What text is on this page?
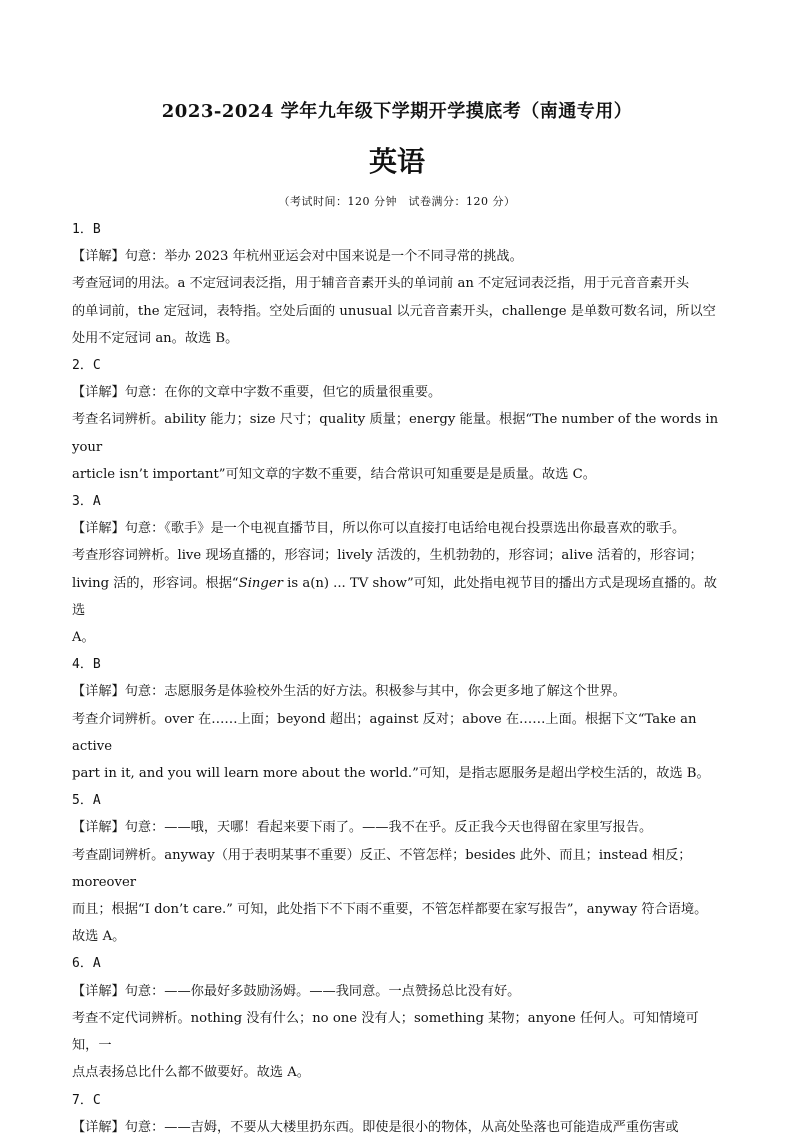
2023-2024 学年九年级下学期开学摸底考（南通专用）
英语
（考试时间：120 分钟　试卷满分：120 分）

1．B

【详解】句意：举办 2023 年杭州亚运会对中国来说是一个不同寻常的挑战。

考查冠词的用法。a 不定冠词表泛指，用于辅音音素开头的单词前 an 不定冠词表泛指，用于元音音素开头

的单词前，the 定冠词，表特指。空处后面的 unusual 以元音音素开头，challenge 是单数可数名词，所以空

处用不定冠词 an。故选 B。

2．C

【详解】句意：在你的文章中字数不重要，但它的质量很重要。

考查名词辨析。ability 能力；size 尺寸；quality 质量；energy 能量。根据“The number of the words in your

article isn’t important”可知文章的字数不重要，结合常识可知重要是是质量。故选 C。

3．A

【详解】句意：《歌手》是一个电视直播节目，所以你可以直接打电话给电视台投票选出你最喜欢的歌手。

考查形容词辨析。live 现场直播的，形容词；lively 活泼的，生机勃勃的，形容词；alive 活着的，形容词；

living 活的，形容词。根据“Singer is a(n) ... TV show”可知，此处指电视节目的播出方式是现场直播的。故选

A。

4．B

【详解】句意：志愿服务是体验校外生活的好方法。积极参与其中，你会更多地了解这个世界。

考查介词辨析。over 在……上面；beyond 超出；against 反对；above 在……上面。根据下文“Take an active

part in it, and you will learn more about the world.”可知，是指志愿服务是超出学校生活的，故选 B。

5．A

【详解】句意：——哦，天哪！看起来要下雨了。——我不在乎。反正我今天也得留在家里写报告。

考查副词辨析。anyway（用于表明某事不重要）反正、不管怎样；besides 此外、而且；instead 相反；moreover

而且；根据“I don’t care.” 可知，此处指下不下雨不重要，不管怎样都要在家写报告”，anyway 符合语境。

故选 A。

6．A

【详解】句意：——你最好多鼓励汤姆。——我同意。一点赞扬总比没有好。

考查不定代词辨析。nothing 没有什么；no one 没有人；something 某物；anyone 任何人。可知情境可知，一

点点表扬总比什么都不做要好。故选 A。

7．C

【详解】句意：——吉姆，不要从大楼里扔东西。即使是很小的物体，从高处坠落也可能造成严重伤害或
